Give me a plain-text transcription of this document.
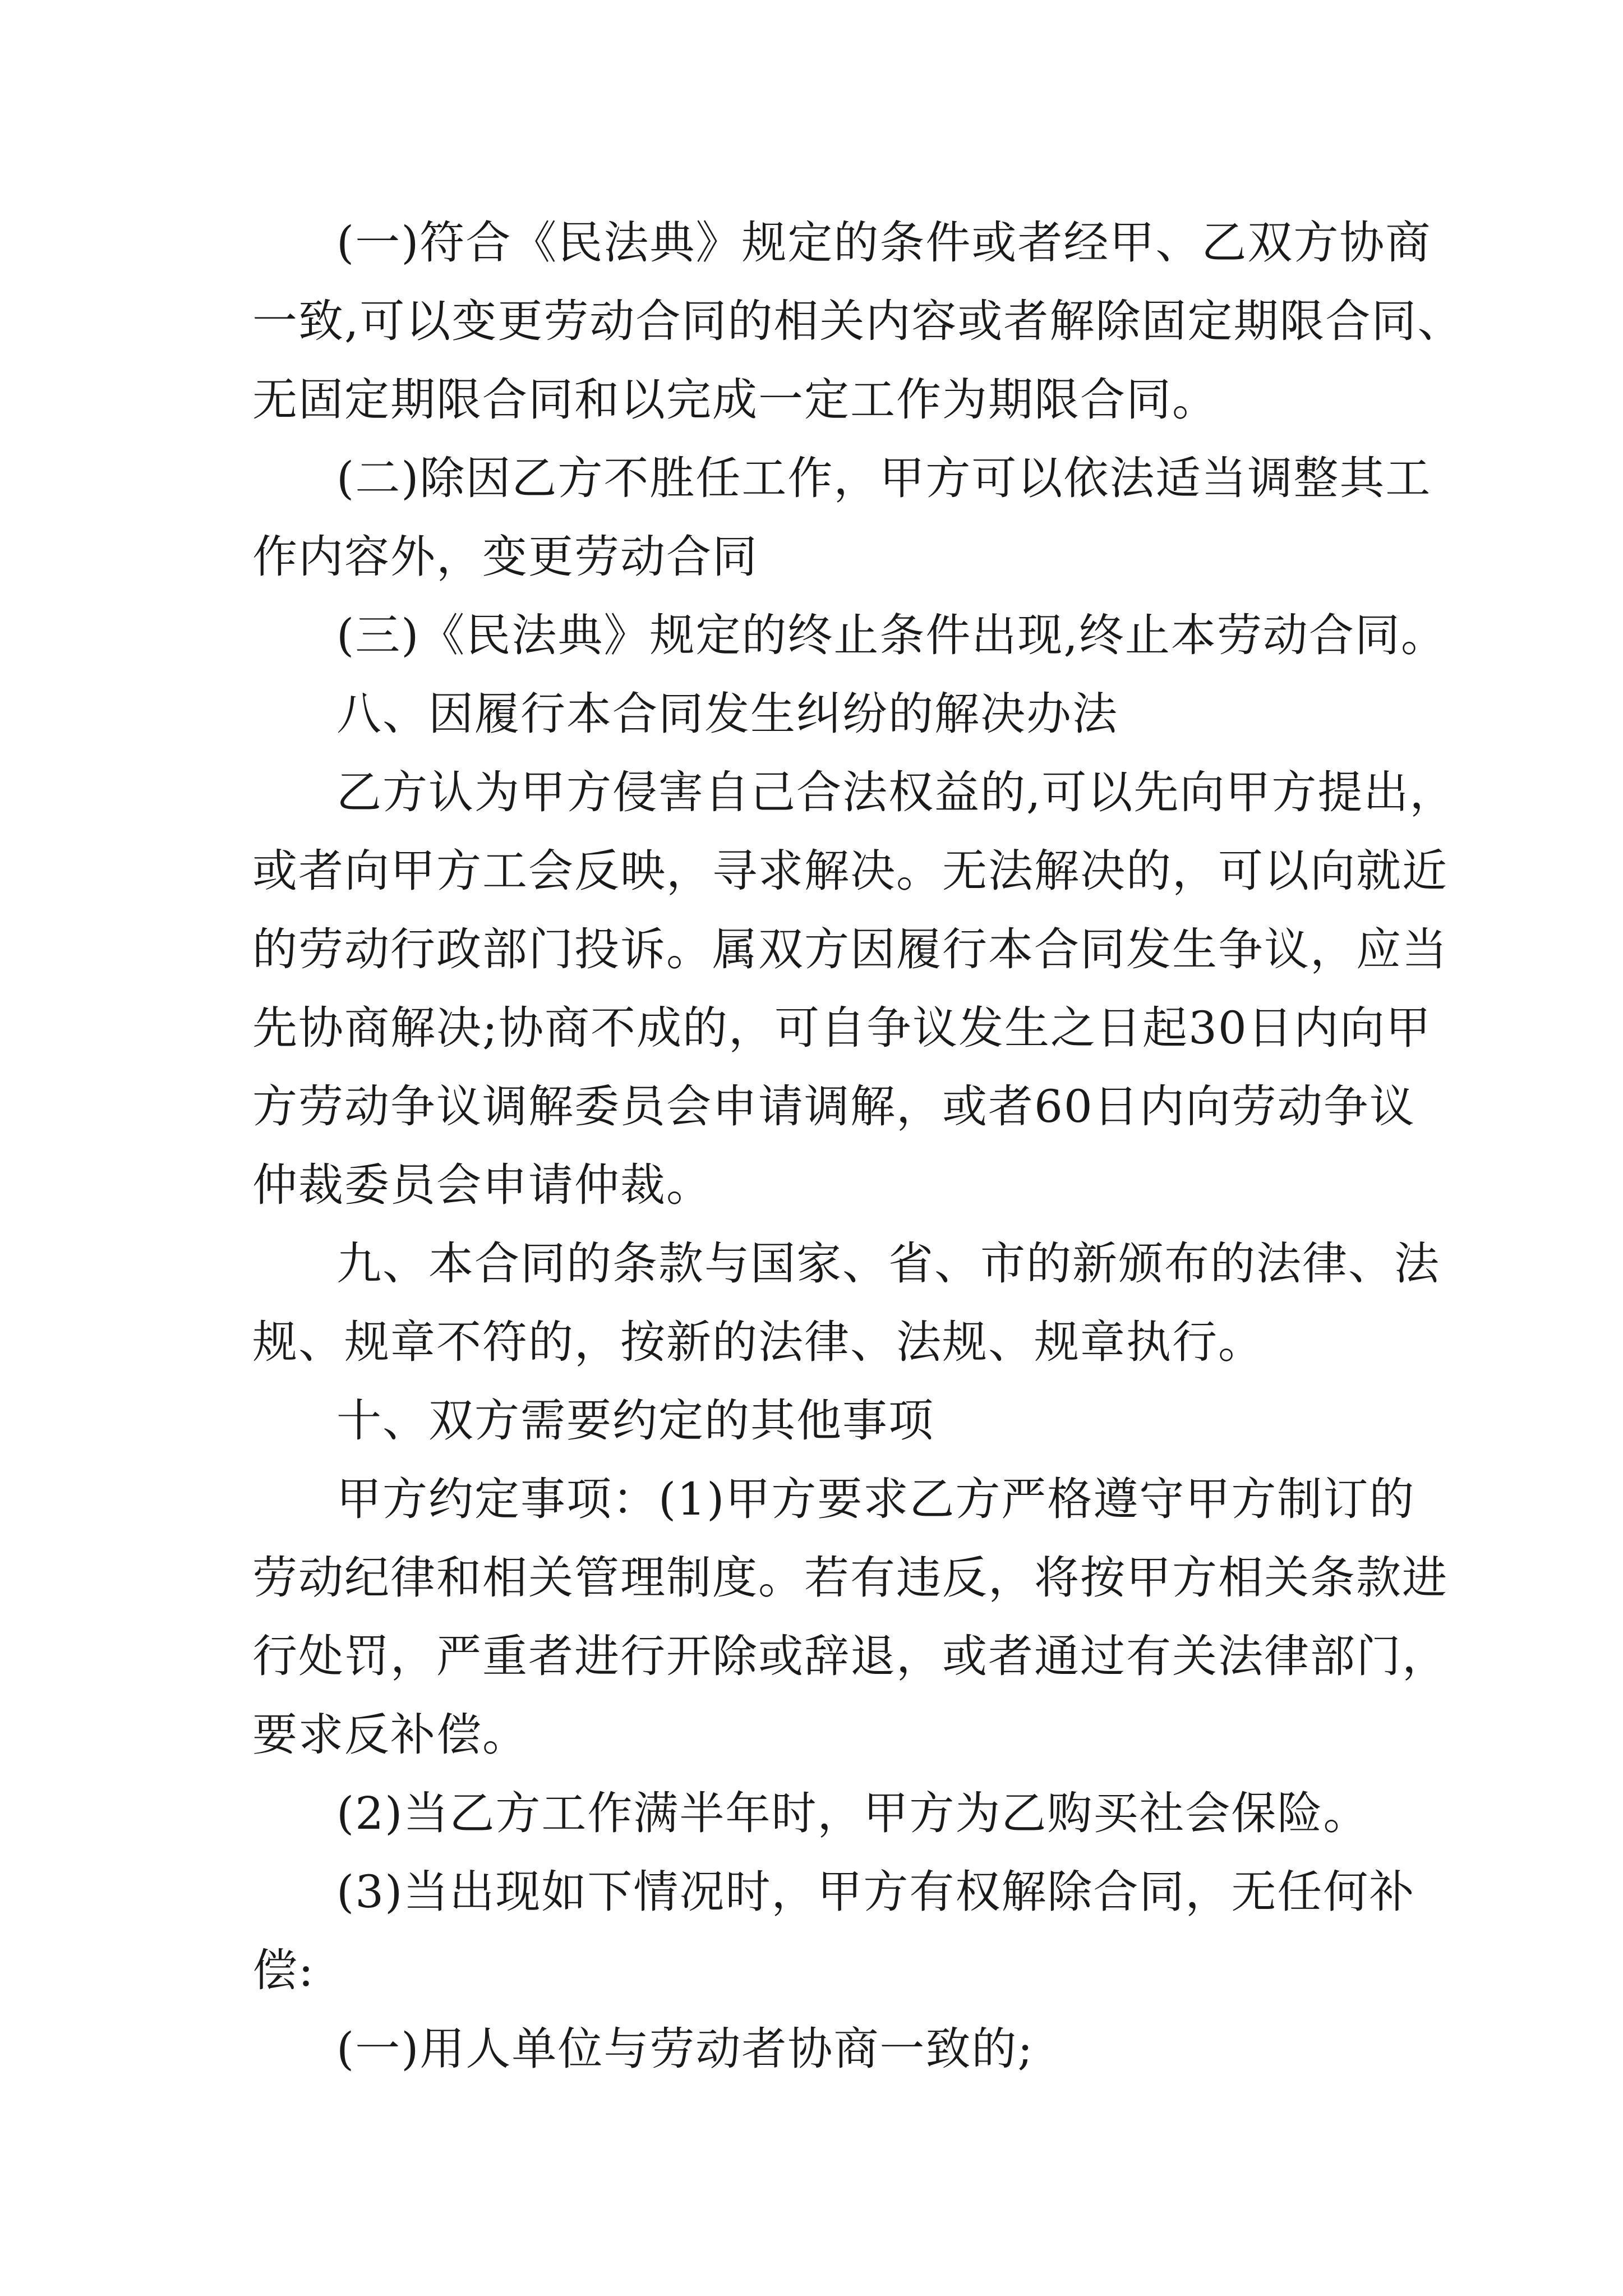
(一)符合《民法典》规定的条件或者经甲、乙双方协商
一致,可以变更劳动合同的相关内容或者解除固定期限合同、
无固定期限合同和以完成一定工作为期限合同。
(二)除因乙方不胜任工作，甲方可以依法适当调整其工
作内容外，变更劳动合同
(三)《民法典》规定的终止条件出现,终止本劳动合同。
八、因履行本合同发生纠纷的解决办法
乙方认为甲方侵害自己合法权益的,可以先向甲方提出，
或者向甲方工会反映，寻求解决。无法解决的，可以向就近
的劳动行政部门投诉。属双方因履行本合同发生争议，应当
先协商解决;协商不成的，可自争议发生之日起30日内向甲
方劳动争议调解委员会申请调解，或者60日内向劳动争议
仲裁委员会申请仲裁。
九、本合同的条款与国家、省、市的新颁布的法律、法
规、规章不符的，按新的法律、法规、规章执行。
十、双方需要约定的其他事项
甲方约定事项：(1)甲方要求乙方严格遵守甲方制订的
劳动纪律和相关管理制度。若有违反，将按甲方相关条款进
行处罚，严重者进行开除或辞退，或者通过有关法律部门，
要求反补偿。
(2)当乙方工作满半年时，甲方为乙购买社会保险。
(3)当出现如下情况时，甲方有权解除合同，无任何补
偿:
(一)用人单位与劳动者协商一致的;
